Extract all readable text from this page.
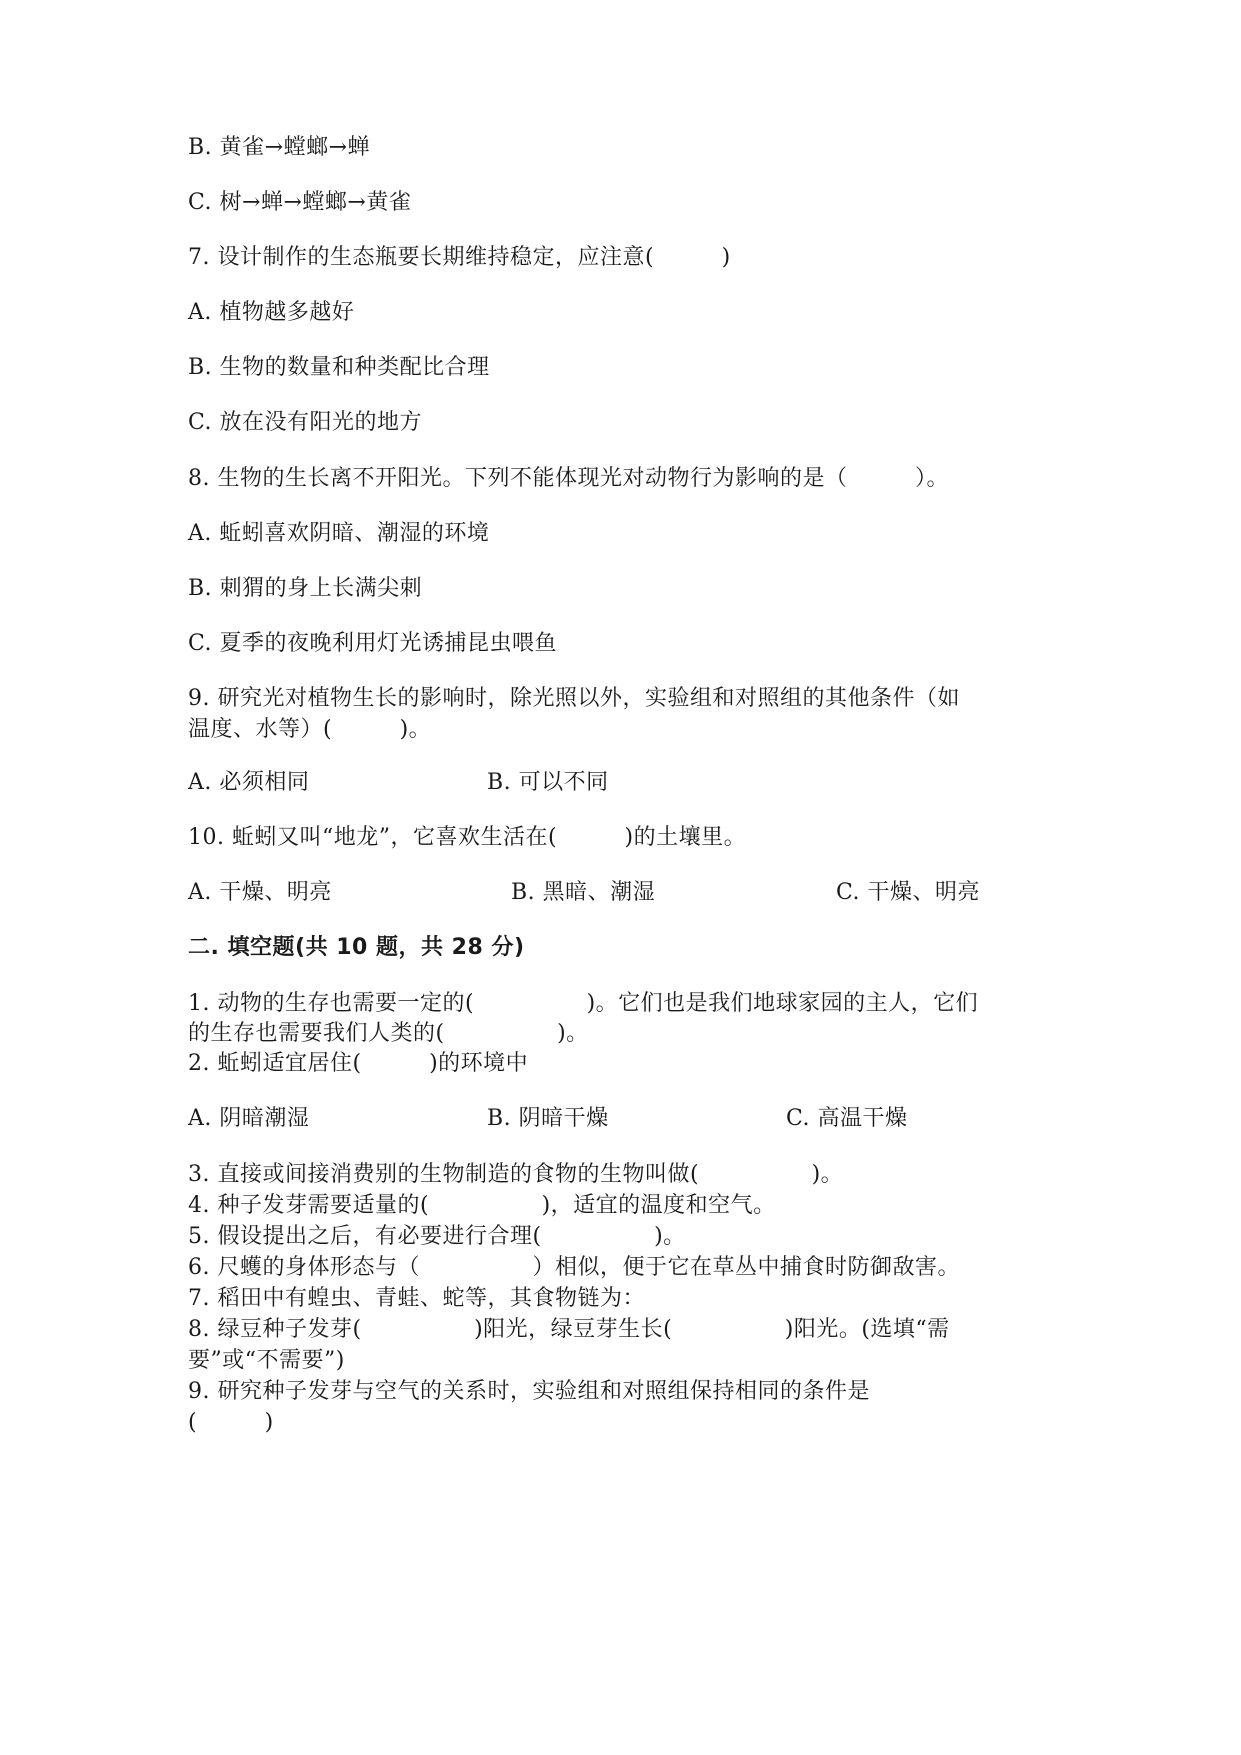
B. 黄雀→螳螂→蝉
C. 树→蝉→螳螂→黄雀
7. 设计制作的生态瓶要长期维持稳定，应注意(　　　)
A. 植物越多越好
B. 生物的数量和种类配比合理
C. 放在没有阳光的地方
8. 生物的生长离不开阳光。下列不能体现光对动物行为影响的是（　　　）。
A. 蚯蚓喜欢阴暗、潮湿的环境
B. 刺猬的身上长满尖刺
C. 夏季的夜晚利用灯光诱捕昆虫喂鱼
9. 研究光对植物生长的影响时，除光照以外，实验组和对照组的其他条件（如
温度、水等）(　　　)。
A. 必须相同	B. 可以不同
10. 蚯蚓又叫“地龙”，它喜欢生活在(　　　)的土壤里。
A. 干燥、明亮	B. 黑暗、潮湿	C. 干燥、明亮
二. 填空题(共 10 题，共 28 分)
1. 动物的生存也需要一定的(　　　　　)。它们也是我们地球家园的主人，它们
的生存也需要我们人类的(　　　　　)。
2. 蚯蚓适宜居住(　　　)的环境中
A. 阴暗潮湿	B. 阴暗干燥	C. 高温干燥
3. 直接或间接消费别的生物制造的食物的生物叫做(　　　　　)。
4. 种子发芽需要适量的(　　　　　)，适宜的温度和空气。
5. 假设提出之后，有必要进行合理(　　　　　)。
6. 尺蠖的身体形态与（　　　　　）相似，便于它在草丛中捕食时防御敌害。
7. 稻田中有蝗虫、青蛙、蛇等，其食物链为：
8. 绿豆种子发芽(　　　　　)阳光，绿豆芽生长(　　　　　)阳光。(选填“需
要”或“不需要”)
9. 研究种子发芽与空气的关系时，实验组和对照组保持相同的条件是
(　　　)
